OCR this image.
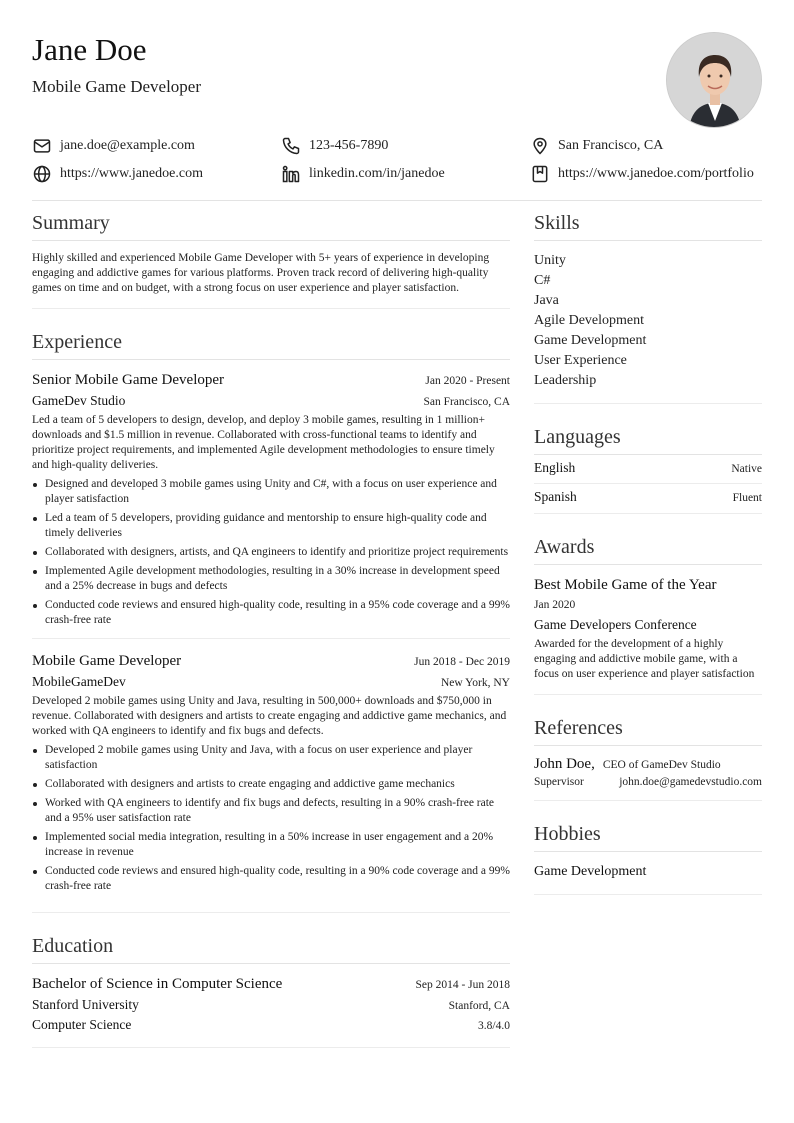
Jane Doe
Mobile Game Developer
jane.doe@example.com	123-456-7890	San Francisco, CA
https://www.janedoe.com	linkedin.com/in/janedoe	https://www.janedoe.com/portfolio
Summary
Highly skilled and experienced Mobile Game Developer with 5+ years of experience in developing engaging and addictive games for various platforms. Proven track record of delivering high-quality games on time and on budget, with a strong focus on user experience and player satisfaction.
Experience
Senior Mobile Game Developer	Jan 2020 - Present
GameDev Studio	San Francisco, CA
Led a team of 5 developers to design, develop, and deploy 3 mobile games, resulting in 1 million+ downloads and $1.5 million in revenue. Collaborated with cross-functional teams to identify and prioritize project requirements, and implemented Agile development methodologies to ensure timely and high-quality deliveries.
Designed and developed 3 mobile games using Unity and C#, with a focus on user experience and player satisfaction
Led a team of 5 developers, providing guidance and mentorship to ensure high-quality code and timely deliveries
Collaborated with designers, artists, and QA engineers to identify and prioritize project requirements
Implemented Agile development methodologies, resulting in a 30% increase in development speed and a 25% decrease in bugs and defects
Conducted code reviews and ensured high-quality code, resulting in a 95% code coverage and a 99% crash-free rate
Mobile Game Developer	Jun 2018 - Dec 2019
MobileGameDev	New York, NY
Developed 2 mobile games using Unity and Java, resulting in 500,000+ downloads and $750,000 in revenue. Collaborated with designers and artists to create engaging and addictive game mechanics, and worked with QA engineers to identify and fix bugs and defects.
Developed 2 mobile games using Unity and Java, with a focus on user experience and player satisfaction
Collaborated with designers and artists to create engaging and addictive game mechanics
Worked with QA engineers to identify and fix bugs and defects, resulting in a 90% crash-free rate and a 95% user satisfaction rate
Implemented social media integration, resulting in a 50% increase in user engagement and a 20% increase in revenue
Conducted code reviews and ensured high-quality code, resulting in a 90% code coverage and a 99% crash-free rate
Education
Bachelor of Science in Computer Science	Sep 2014 - Jun 2018
Stanford University	Stanford, CA
Computer Science	3.8/4.0
Skills
Unity
C#
Java
Agile Development
Game Development
User Experience
Leadership
Languages
English	Native
Spanish	Fluent
Awards
Best Mobile Game of the Year
Jan 2020
Game Developers Conference
Awarded for the development of a highly engaging and addictive mobile game, with a focus on user experience and player satisfaction
References
John Doe, CEO of GameDev Studio
Supervisor	john.doe@gamedevstudio.com
Hobbies
Game Development
